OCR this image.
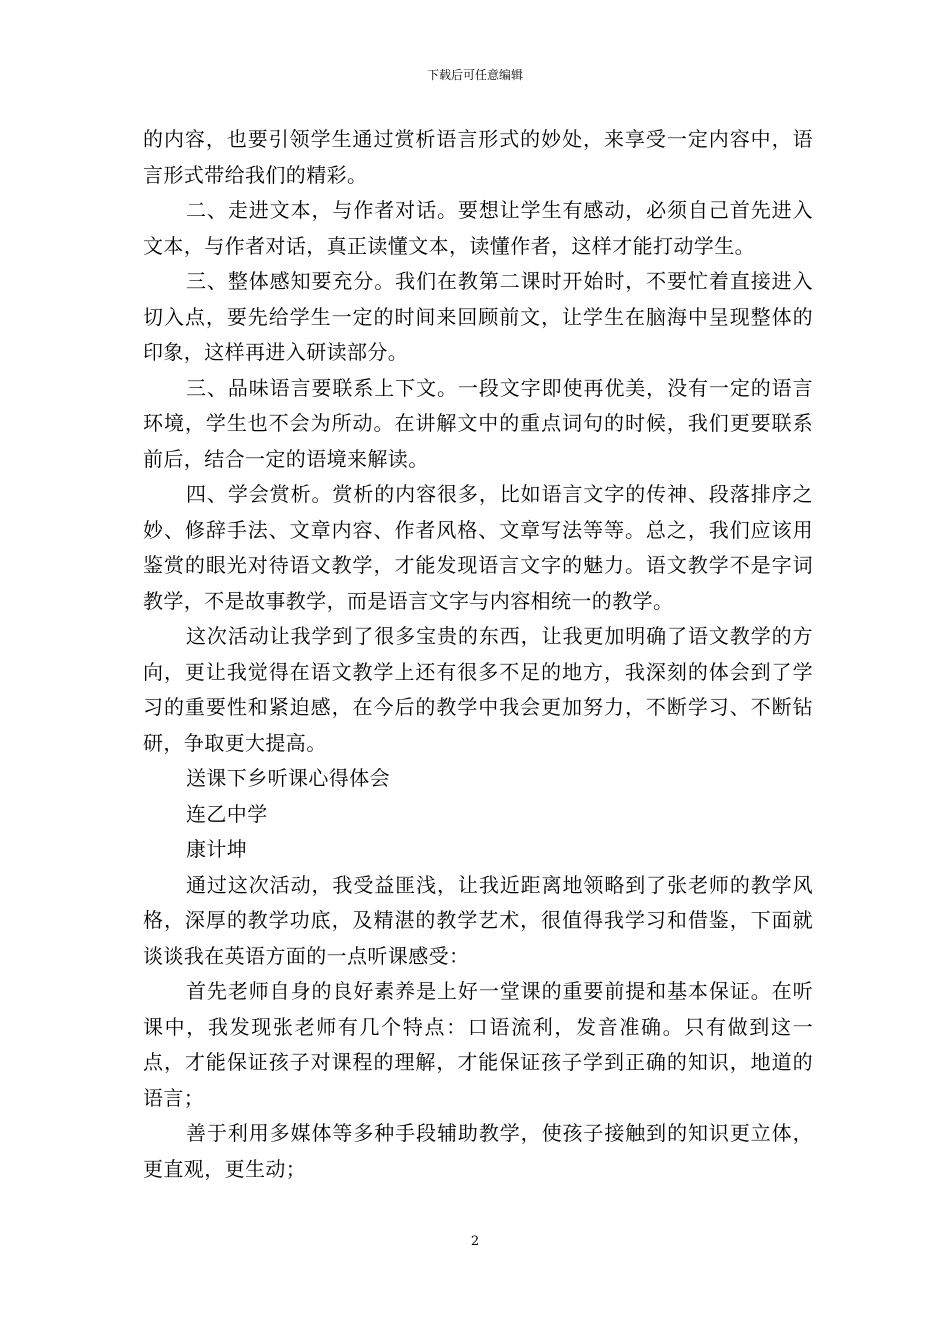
下载后可任意编辑

的内容，也要引领学生通过赏析语言形式的妙处，来享受一定内容中，语言形式带给我们的精彩。

二、走进文本，与作者对话。要想让学生有感动，必须自己首先进入文本，与作者对话，真正读懂文本，读懂作者，这样才能打动学生。

三、整体感知要充分。我们在教第二课时开始时，不要忙着直接进入切入点，要先给学生一定的时间来回顾前文，让学生在脑海中呈现整体的印象，这样再进入研读部分。

三、品味语言要联系上下文。一段文字即使再优美，没有一定的语言环境，学生也不会为所动。在讲解文中的重点词句的时候，我们更要联系前后，结合一定的语境来解读。

四、学会赏析。赏析的内容很多，比如语言文字的传神、段落排序之妙、修辞手法、文章内容、作者风格、文章写法等等。总之，我们应该用鉴赏的眼光对待语文教学，才能发现语言文字的魅力。语文教学不是字词教学，不是故事教学，而是语言文字与内容相统一的教学。

这次活动让我学到了很多宝贵的东西，让我更加明确了语文教学的方向，更让我觉得在语文教学上还有很多不足的地方，我深刻的体会到了学习的重要性和紧迫感，在今后的教学中我会更加努力，不断学习、不断钻研，争取更大提高。

送课下乡听课心得体会

连乙中学

康计坤

通过这次活动，我受益匪浅，让我近距离地领略到了张老师的教学风格，深厚的教学功底，及精湛的教学艺术，很值得我学习和借鉴，下面就谈谈我在英语方面的一点听课感受：

首先老师自身的良好素养是上好一堂课的重要前提和基本保证。在听课中，我发现张老师有几个特点：口语流利，发音准确。只有做到这一点，才能保证孩子对课程的理解，才能保证孩子学到正确的知识，地道的语言；

善于利用多媒体等多种手段辅助教学，使孩子接触到的知识更立体，更直观，更生动；

2
